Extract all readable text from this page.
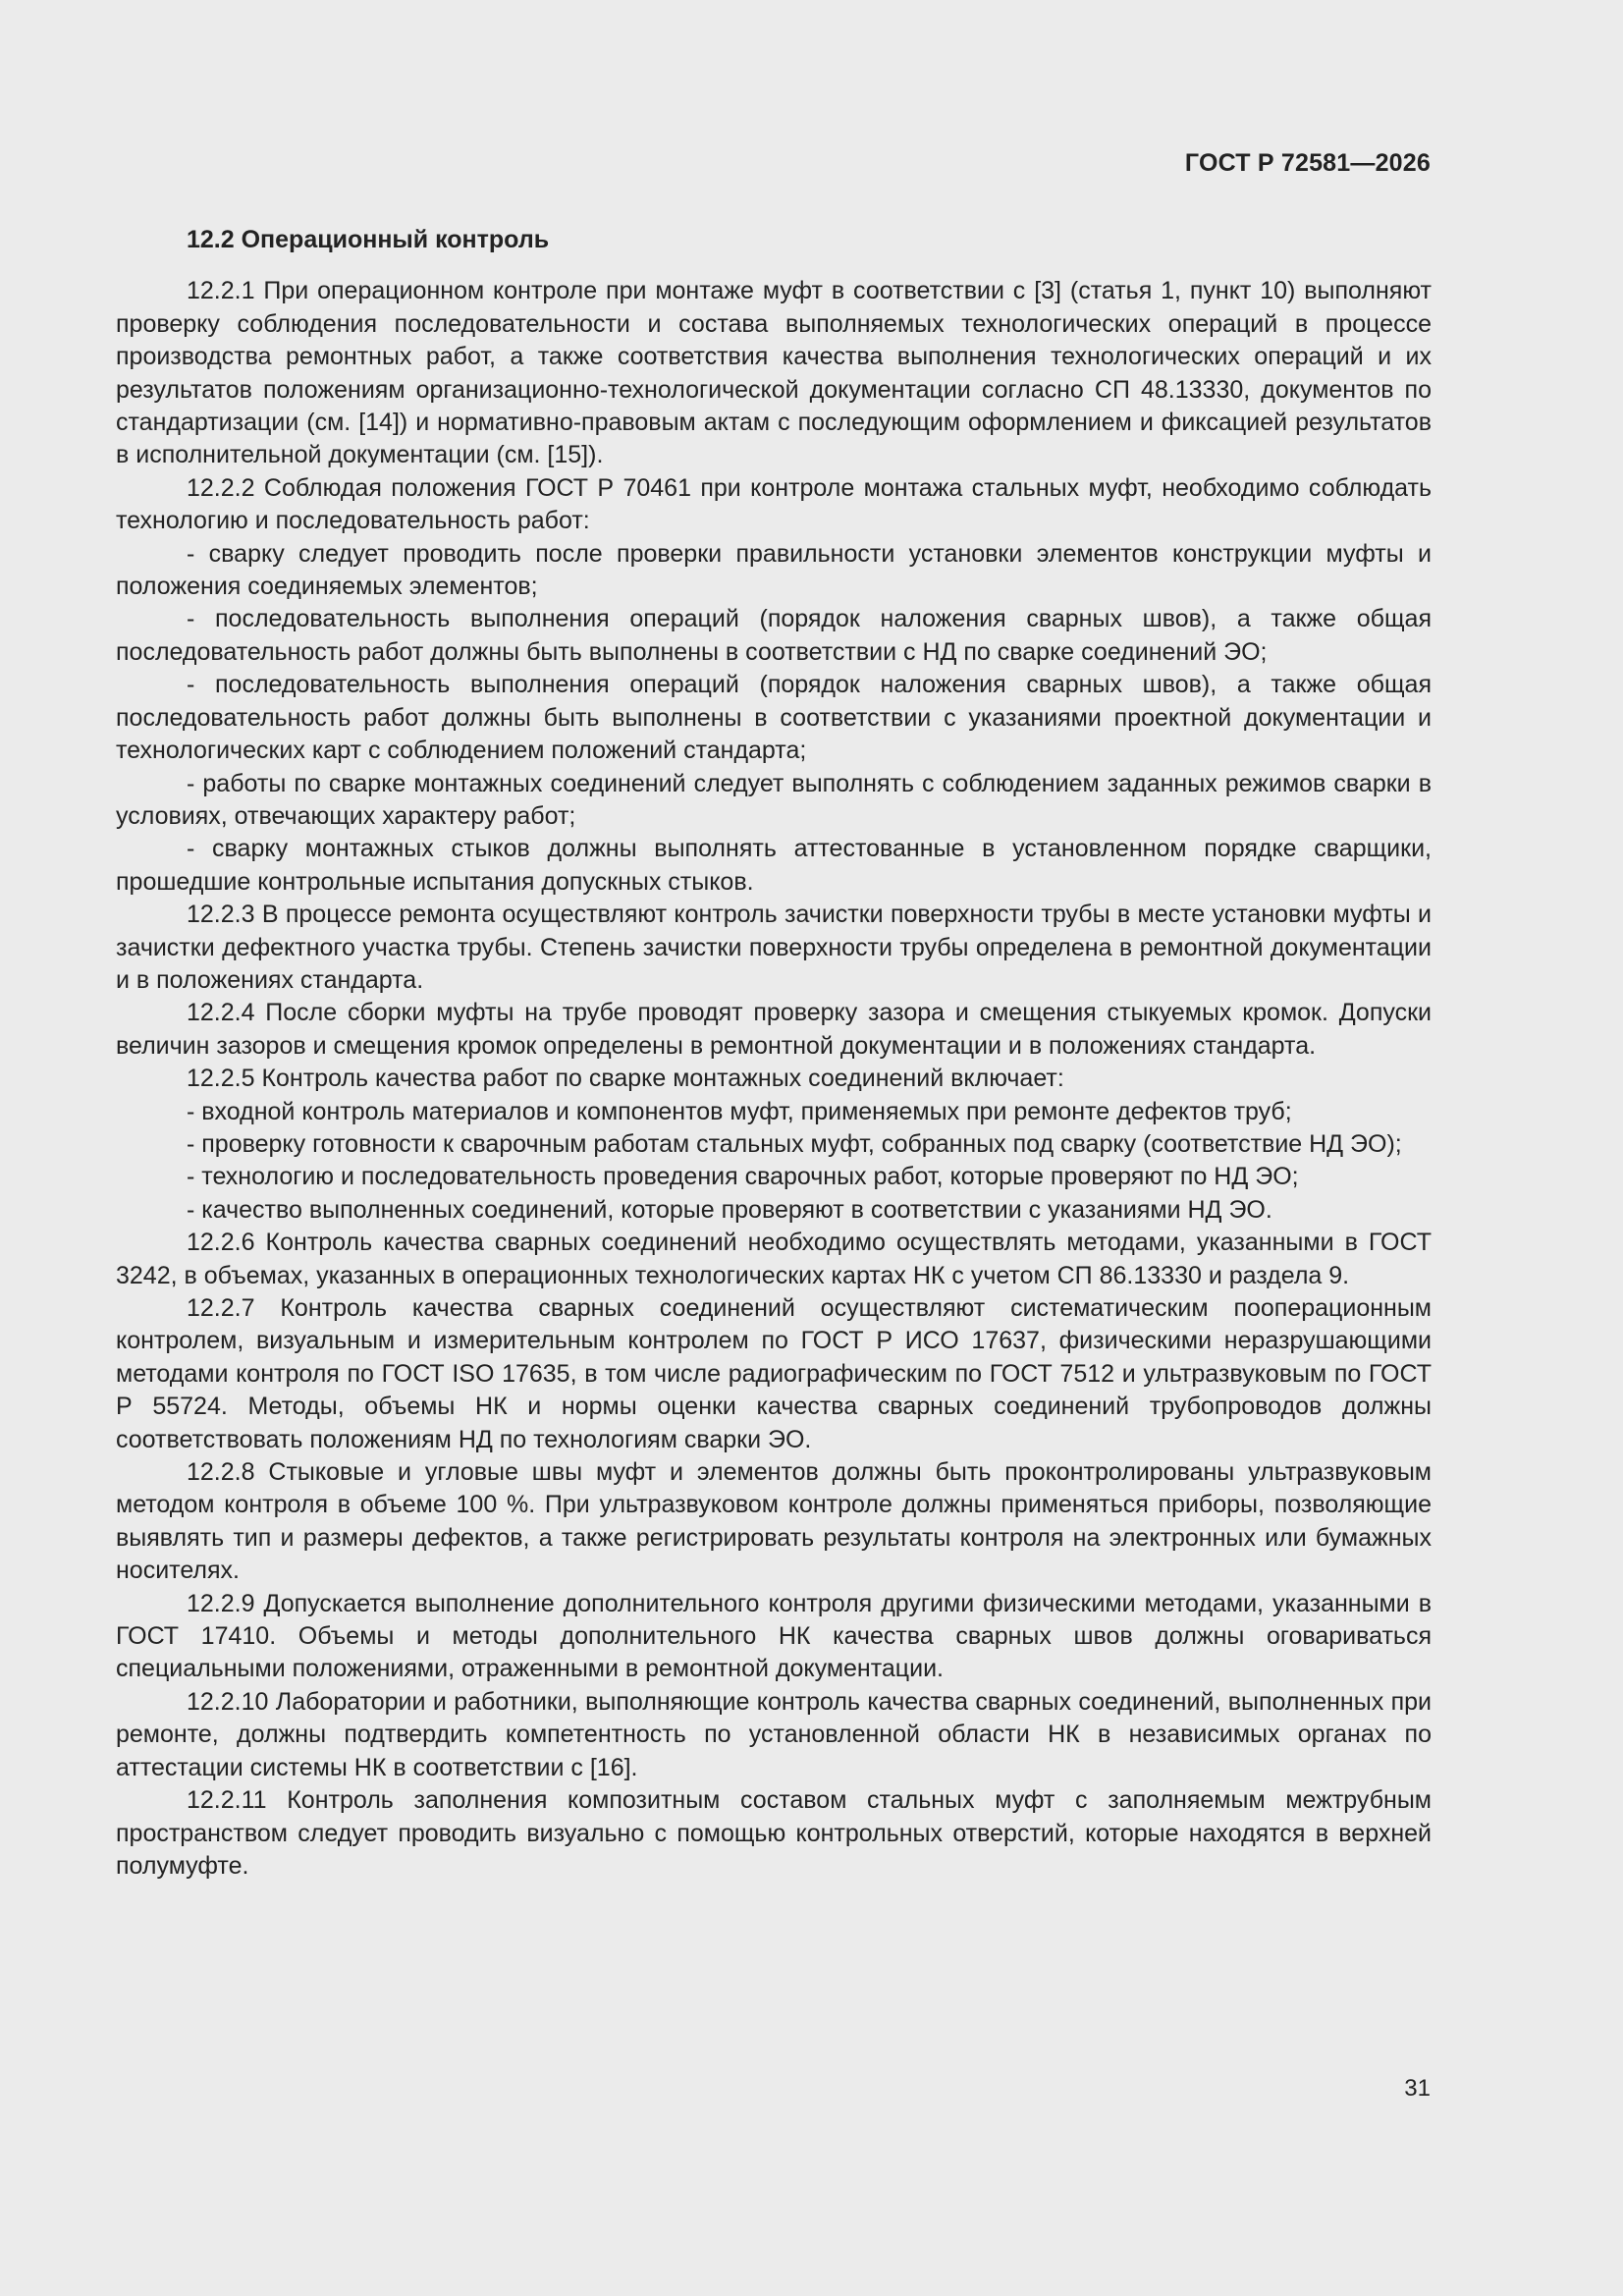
ГОСТ Р 72581—2026

12.2 Операционный контроль

12.2.1 При операционном контроле при монтаже муфт в соответствии с [3] (статья 1, пункт 10) выполняют проверку соблюдения последовательности и состава выполняемых технологических операций в процессе производства ремонтных работ, а также соответствия качества выполнения технологических операций и их результатов положениям организационно-технологической документации согласно СП 48.13330, документов по стандартизации (см. [14]) и нормативно-правовым актам с последующим оформлением и фиксацией результатов в исполнительной документации (см. [15]).

12.2.2 Соблюдая положения ГОСТ Р 70461 при контроле монтажа стальных муфт, необходимо соблюдать технологию и последовательность работ:

- сварку следует проводить после проверки правильности установки элементов конструкции муфты и положения соединяемых элементов;

- последовательность выполнения операций (порядок наложения сварных швов), а также общая последовательность работ должны быть выполнены в соответствии с НД по сварке соединений ЭО;

- последовательность выполнения операций (порядок наложения сварных швов), а также общая последовательность работ должны быть выполнены в соответствии с указаниями проектной документации и технологических карт с соблюдением положений стандарта;

- работы по сварке монтажных соединений следует выполнять с соблюдением заданных режимов сварки в условиях, отвечающих характеру работ;

- сварку монтажных стыков должны выполнять аттестованные в установленном порядке сварщики, прошедшие контрольные испытания допускных стыков.

12.2.3 В процессе ремонта осуществляют контроль зачистки поверхности трубы в месте установки муфты и зачистки дефектного участка трубы. Степень зачистки поверхности трубы определена в ремонтной документации и в положениях стандарта.

12.2.4 После сборки муфты на трубе проводят проверку зазора и смещения стыкуемых кромок. Допуски величин зазоров и смещения кромок определены в ремонтной документации и в положениях стандарта.

12.2.5 Контроль качества работ по сварке монтажных соединений включает:

- входной контроль материалов и компонентов муфт, применяемых при ремонте дефектов труб;

- проверку готовности к сварочным работам стальных муфт, собранных под сварку (соответствие НД ЭО);

- технологию и последовательность проведения сварочных работ, которые проверяют по НД ЭО;

- качество выполненных соединений, которые проверяют в соответствии с указаниями НД ЭО.

12.2.6 Контроль качества сварных соединений необходимо осуществлять методами, указанными в ГОСТ 3242, в объемах, указанных в операционных технологических картах НК с учетом СП 86.13330 и раздела 9.

12.2.7 Контроль качества сварных соединений осуществляют систематическим пооперационным контролем, визуальным и измерительным контролем по ГОСТ Р ИСО 17637, физическими неразрушающими методами контроля по ГОСТ ISO 17635, в том числе радиографическим по ГОСТ 7512 и ультразвуковым по ГОСТ Р 55724. Методы, объемы НК и нормы оценки качества сварных соединений трубопроводов должны соответствовать положениям НД по технологиям сварки ЭО.

12.2.8 Стыковые и угловые швы муфт и элементов должны быть проконтролированы ультразвуковым методом контроля в объеме 100 %. При ультразвуковом контроле должны применяться приборы, позволяющие выявлять тип и размеры дефектов, а также регистрировать результаты контроля на электронных или бумажных носителях.

12.2.9 Допускается выполнение дополнительного контроля другими физическими методами, указанными в ГОСТ 17410. Объемы и методы дополнительного НК качества сварных швов должны оговариваться специальными положениями, отраженными в ремонтной документации.

12.2.10 Лаборатории и работники, выполняющие контроль качества сварных соединений, выполненных при ремонте, должны подтвердить компетентность по установленной области НК в независимых органах по аттестации системы НК в соответствии с [16].

12.2.11 Контроль заполнения композитным составом стальных муфт с заполняемым межтрубным пространством следует проводить визуально с помощью контрольных отверстий, которые находятся в верхней полумуфте.

31
